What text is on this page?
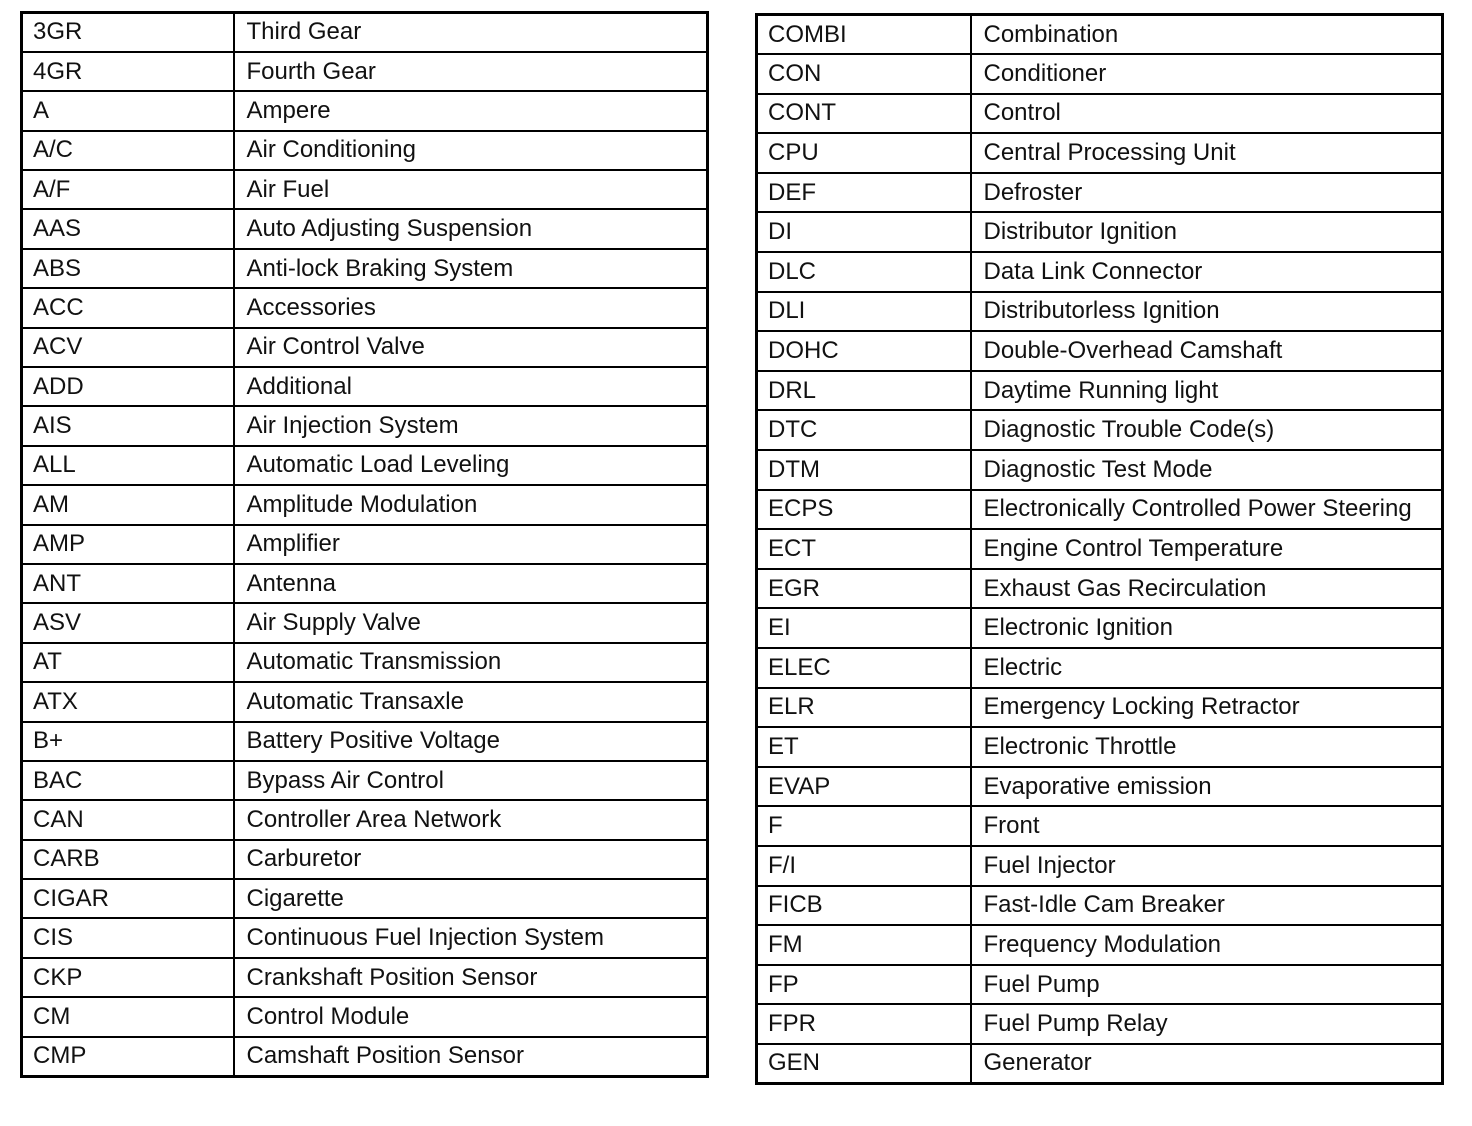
3GR	Third Gear
4GR	Fourth Gear
A	Ampere
A/C	Air Conditioning
A/F	Air Fuel
AAS	Auto Adjusting Suspension
ABS	Anti-lock Braking System
ACC	Accessories
ACV	Air Control Valve
ADD	Additional
AIS	Air Injection System
ALL	Automatic Load Leveling
AM	Amplitude Modulation
AMP	Amplifier
ANT	Antenna
ASV	Air Supply Valve
AT	Automatic Transmission
ATX	Automatic Transaxle
B+	Battery Positive Voltage
BAC	Bypass Air Control
CAN	Controller Area Network
CARB	Carburetor
CIGAR	Cigarette
CIS	Continuous Fuel Injection System
CKP	Crankshaft Position Sensor
CM	Control Module
CMP	Camshaft Position Sensor
COMBI	Combination
CON	Conditioner
CONT	Control
CPU	Central Processing Unit
DEF	Defroster
DI	Distributor Ignition
DLC	Data Link Connector
DLI	Distributorless Ignition
DOHC	Double-Overhead Camshaft
DRL	Daytime Running light
DTC	Diagnostic Trouble Code(s)
DTM	Diagnostic Test Mode
ECPS	Electronically Controlled Power Steering
ECT	Engine Control Temperature
EGR	Exhaust Gas Recirculation
EI	Electronic Ignition
ELEC	Electric
ELR	Emergency Locking Retractor
ET	Electronic Throttle
EVAP	Evaporative emission
F	Front
F/I	Fuel Injector
FICB	Fast-Idle Cam Breaker
FM	Frequency Modulation
FP	Fuel Pump
FPR	Fuel Pump Relay
GEN	Generator
